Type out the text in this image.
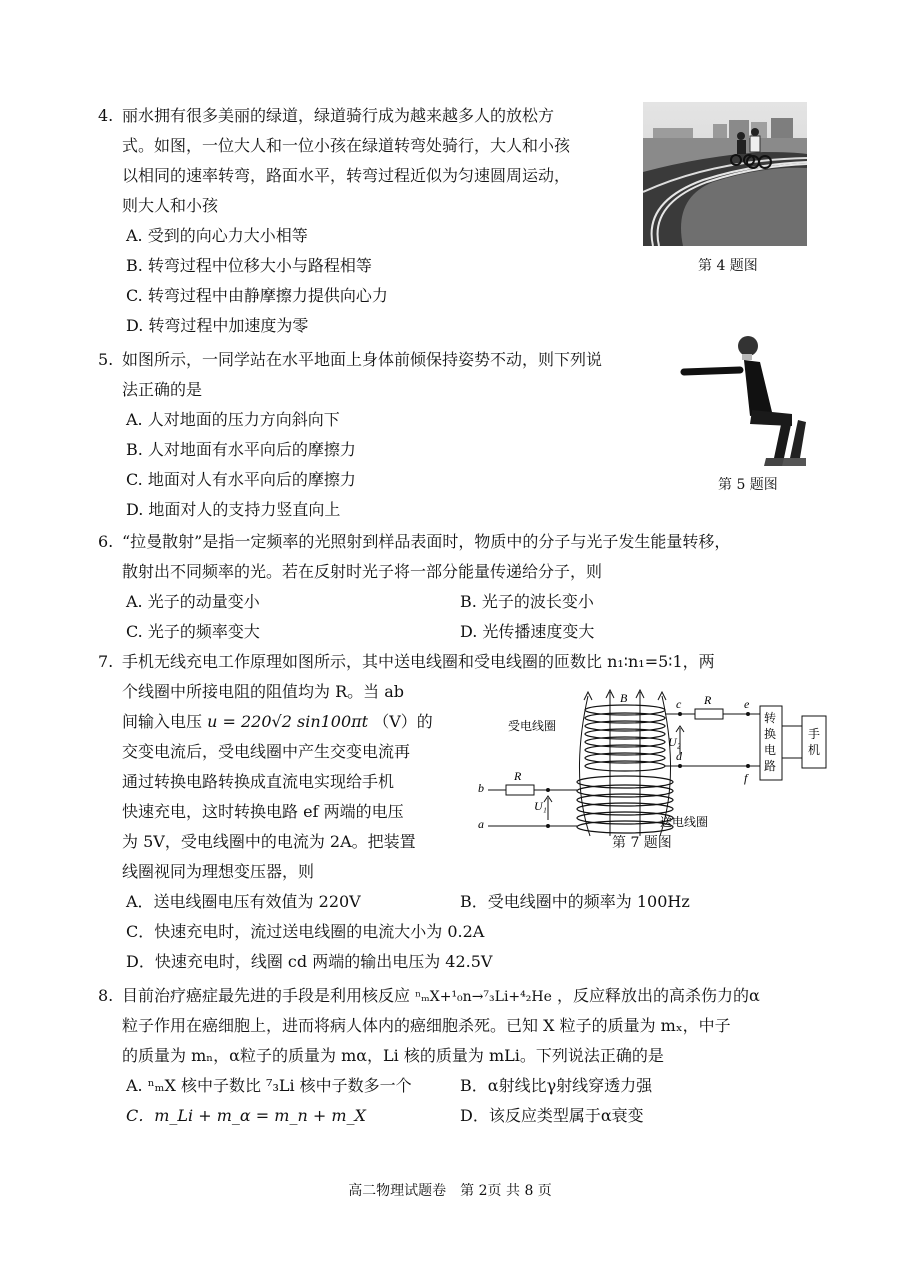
4. 丽水拥有很多美丽的绿道，绿道骑行成为越来越多人的放松方
式。如图，一位大人和一位小孩在绿道转弯处骑行，大人和小孩
以相同的速率转弯，路面水平，转弯过程近似为匀速圆周运动，
则大人和小孩
A. 受到的向心力大小相等
B. 转弯过程中位移大小与路程相等
C. 转弯过程中由静摩擦力提供向心力
D. 转弯过程中加速度为零
第 4 题图
5. 如图所示，一同学站在水平地面上身体前倾保持姿势不动，则下列说
法正确的是
A. 人对地面的压力方向斜向下
B. 人对地面有水平向后的摩擦力
C. 地面对人有水平向后的摩擦力
D. 地面对人的支持力竖直向上
第 5 题图
6. “拉曼散射”是指一定频率的光照射到样品表面时，物质中的分子与光子发生能量转移，
散射出不同频率的光。若在反射时光子将一部分能量传递给分子，则
A. 光子的动量变小	B. 光子的波长变小
C. 光子的频率变大	D. 光传播速度变大
7. 手机无线充电工作原理如图所示，其中送电线圈和受电线圈的匝数比 n₁∶n₁=5∶1，两
个线圈中所接电阻的阻值均为 R。当 ab
间输入电压 u = 220√2 sin100πt （V）的
交变电流后，受电线圈中产生交变电流再
通过转换电路转换成直流电实现给手机
快速充电，这时转换电路 ef 两端的电压
为 5V，受电线圈中的电流为 2A。把装置
线圈视同为理想变压器，则
B
受电线圈
送电线圈
c
d
R	e
f
U₂
转
换
电
路
手
机
b
a
R
U₁
第 7 题图
A．送电线圈电压有效值为 220V	B．受电线圈中的频率为 100Hz
C．快速充电时，流过送电线圈的电流大小为 0.2A
D．快速充电时，线圈 cd 两端的输出电压为 42.5V
8. 目前治疗癌症最先进的手段是利用核反应 ⁿₘX+¹₀n→⁷₃Li+⁴₂He ，反应释放出的高杀伤力的α
粒子作用在癌细胞上，进而将病人体内的癌细胞杀死。已知 X 粒子的质量为 mₓ，中子
的质量为 mₙ，α粒子的质量为 mα，Li 核的质量为 mLi。下列说法正确的是
A. ⁿₘX 核中子数比 ⁷₃Li 核中子数多一个	B．α射线比γ射线穿透力强
C．m_Li + m_α = m_n + m_X	D．该反应类型属于α衰变
高二物理试题卷　第 2页 共 8 页
